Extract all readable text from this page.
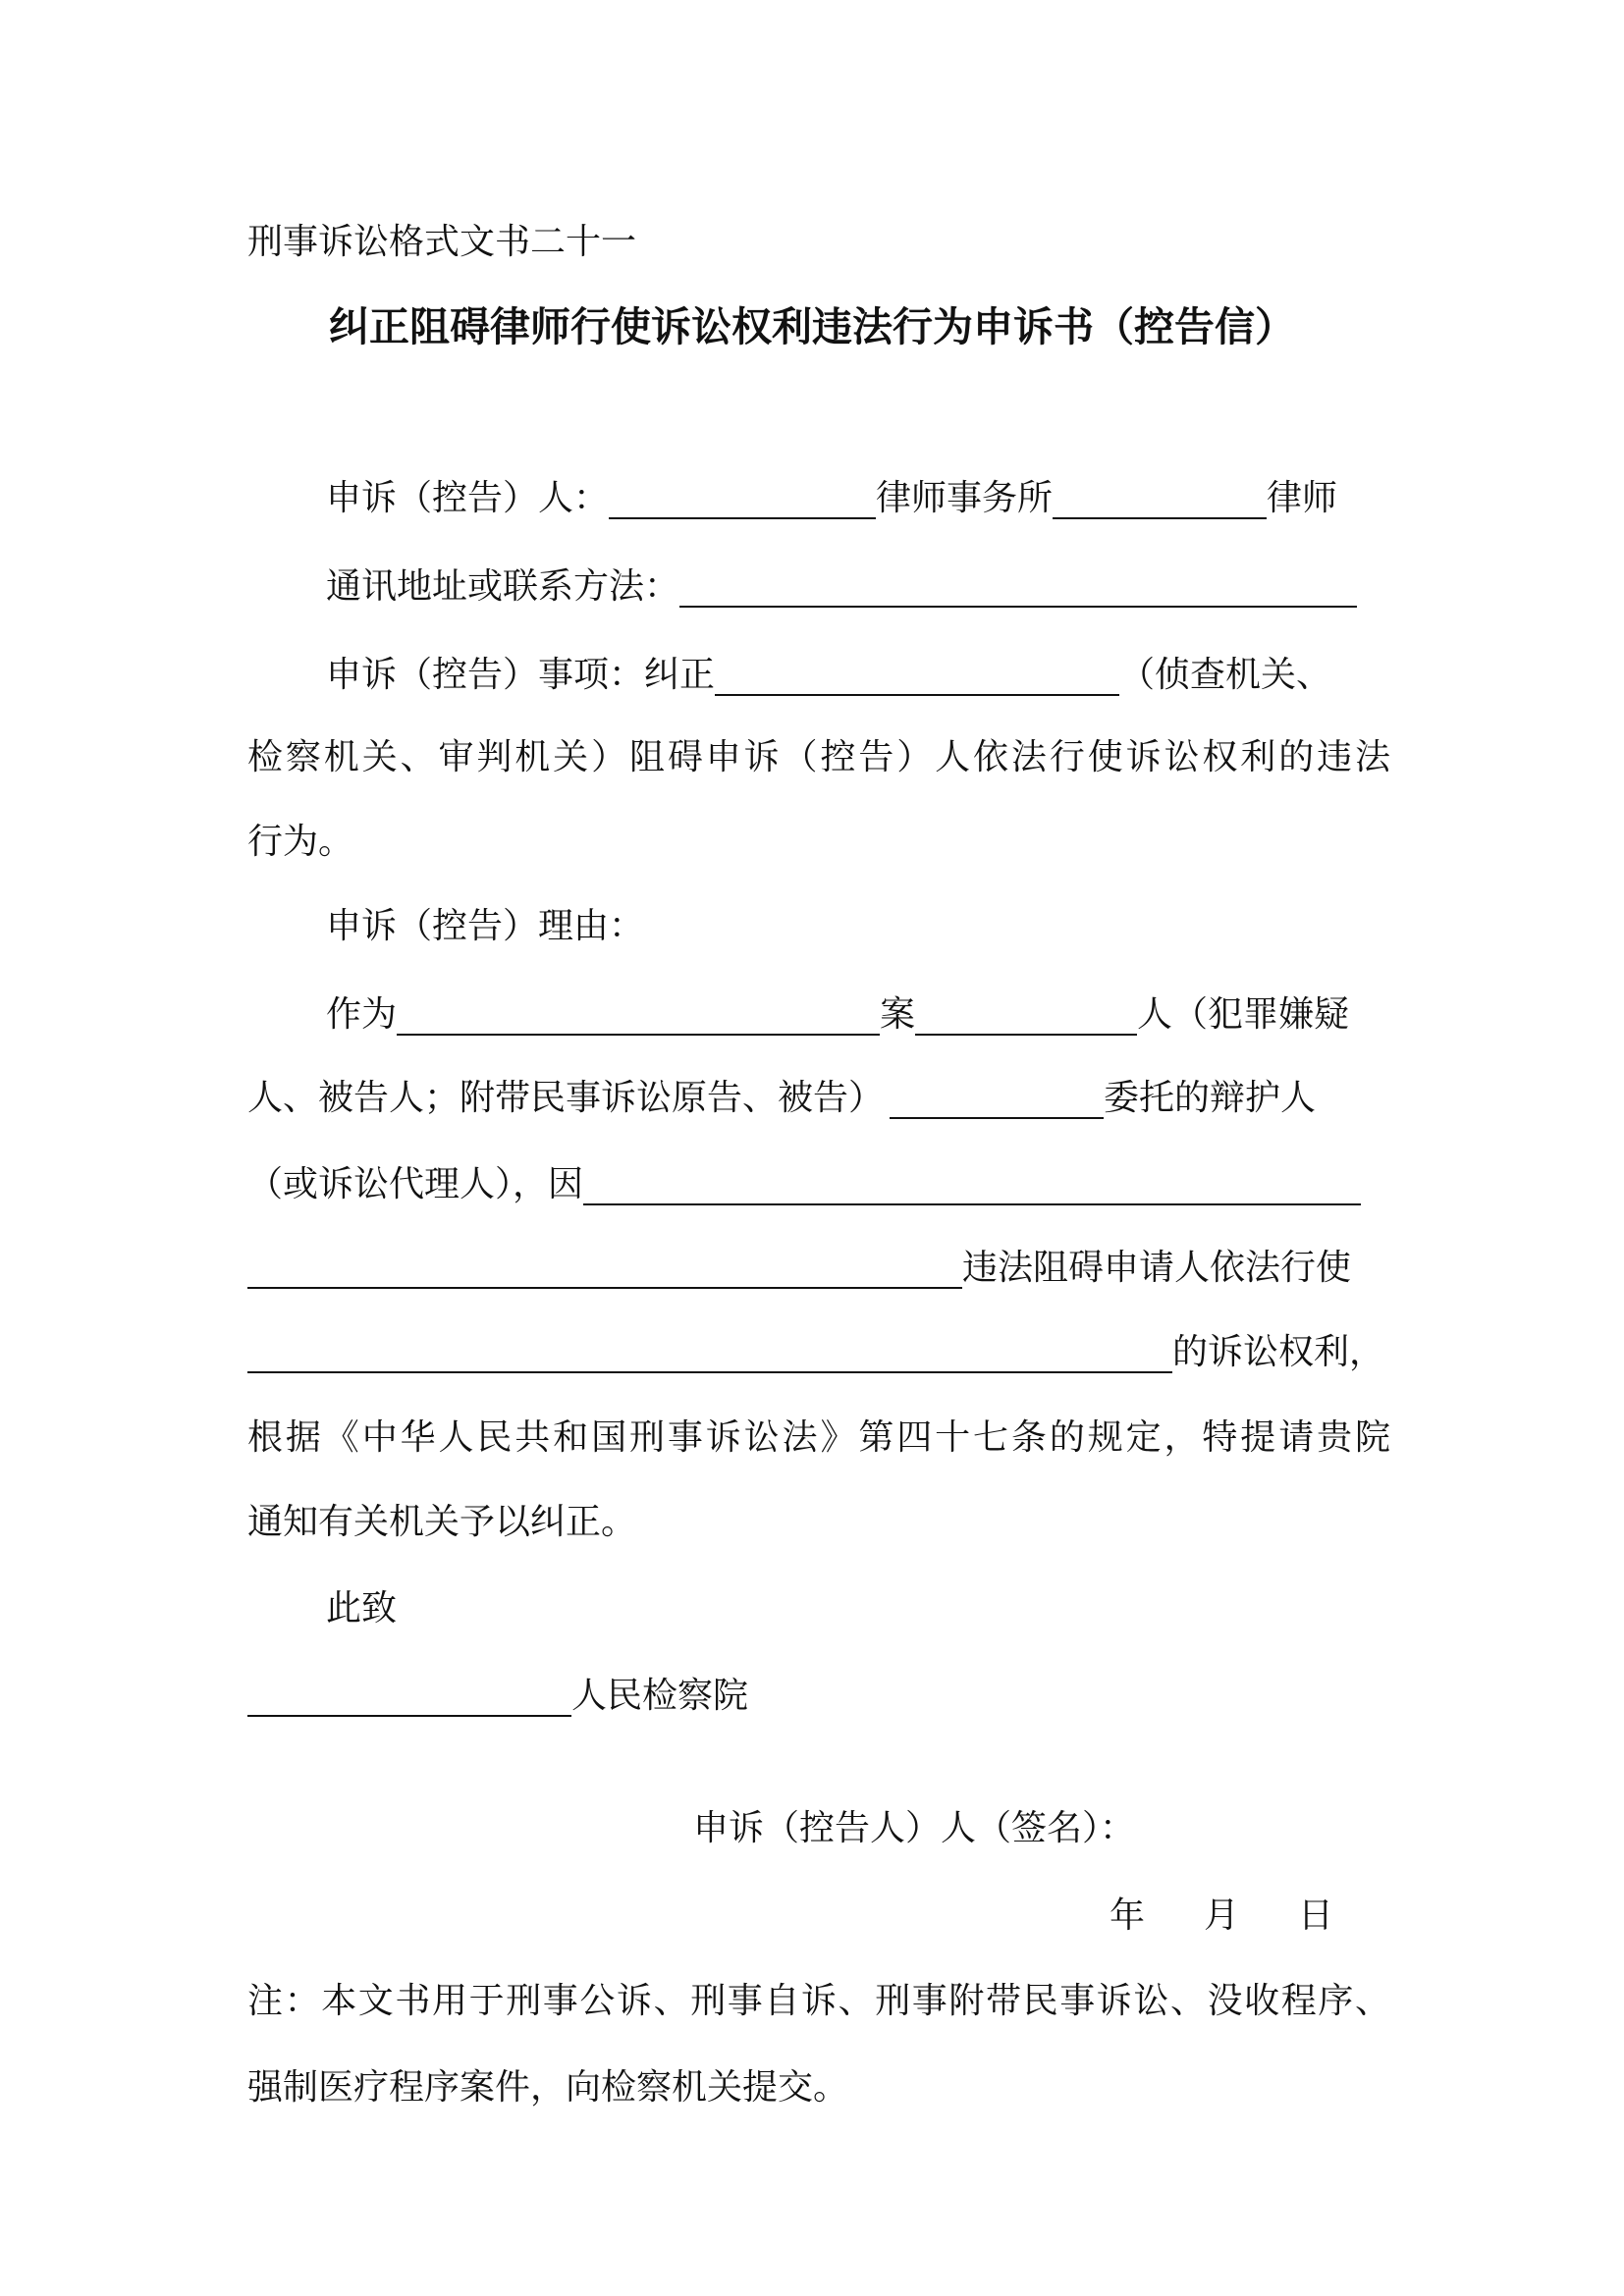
刑事诉讼格式文书二十一
纠正阻碍律师行使诉讼权利违法行为申诉书（控告信）
申诉（控告）人：	律师事务所	律师
通讯地址或联系方法：
申诉（控告）事项：纠正	（侦查机关、
检察机关、审判机关）阻碍申诉（控告）人依法行使诉讼权利的违法
行为。
申诉（控告）理由：
作为	案	人（犯罪嫌疑
人、被告人；附带民事诉讼原告、被告）	委托的辩护人
（或诉讼代理人），因
违法阻碍申请人依法行使
的诉讼权利，
根据《中华人民共和国刑事诉讼法》第四十七条的规定，特提请贵院
通知有关机关予以纠正。
此致
人民检察院
申诉（控告人）人（签名）：
年 月 日
注：本文书用于刑事公诉、刑事自诉、刑事附带民事诉讼、没收程序、
强制医疗程序案件，向检察机关提交。
